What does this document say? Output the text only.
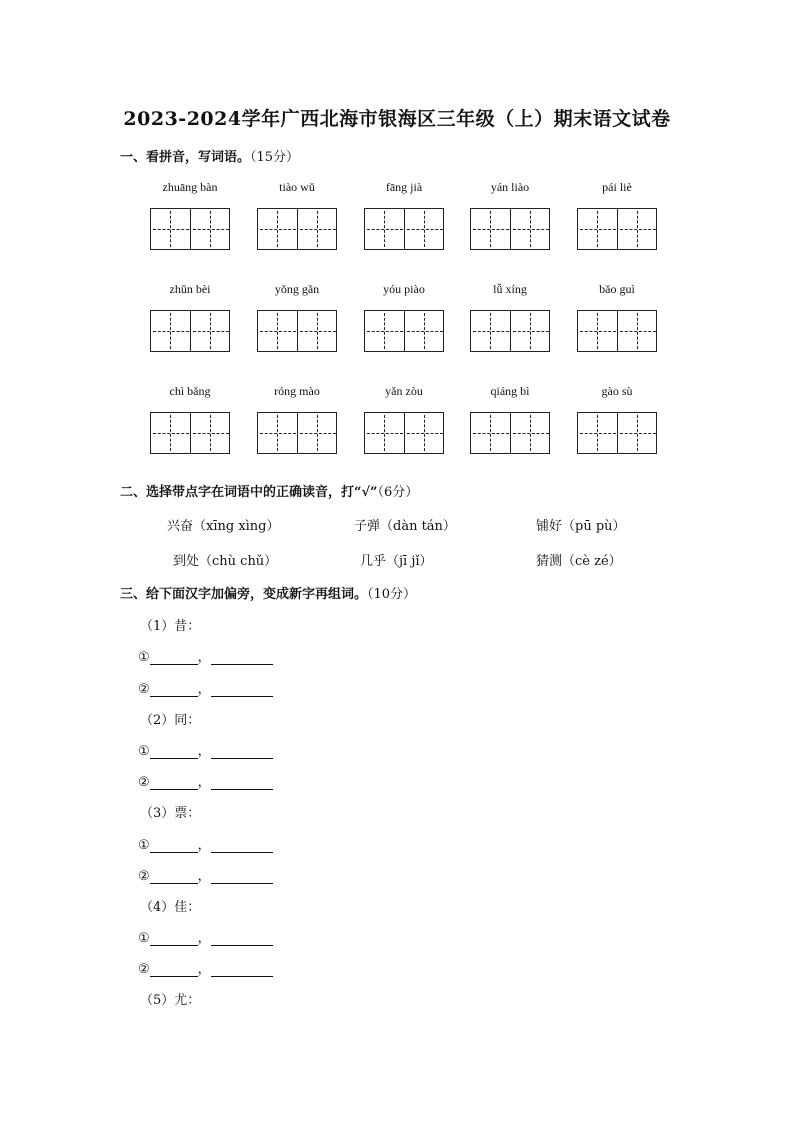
2023-2024学年广西北海市银海区三年级（上）期末语文试卷
一、看拼音，写词语。（15分）
zhuāng bàn	tiào wǔ	fāng jià	yán liào	pái liè
zhǔn bèi	yǒng gǎn	yóu piào	lǚ xíng	bǎo guì
chì bǎng	róng mào	yǎn zòu	qiáng bì	gào sù
二、选择带点字在词语中的正确读音，打“√”（6分）
兴奋（xīng xìng）	子弹（dàn tán）	铺好（pū pù）
到处（chù chǔ）	几乎（jī jǐ）	猜测（cè zé）
三、给下面汉字加偏旁，变成新字再组词。（10分）
（1）昔：
①	，
②	，
（2）同：
①	，
②	，
（3）票：
①	，
②	，
（4）佳：
①	，
②	，
（5）尤：
